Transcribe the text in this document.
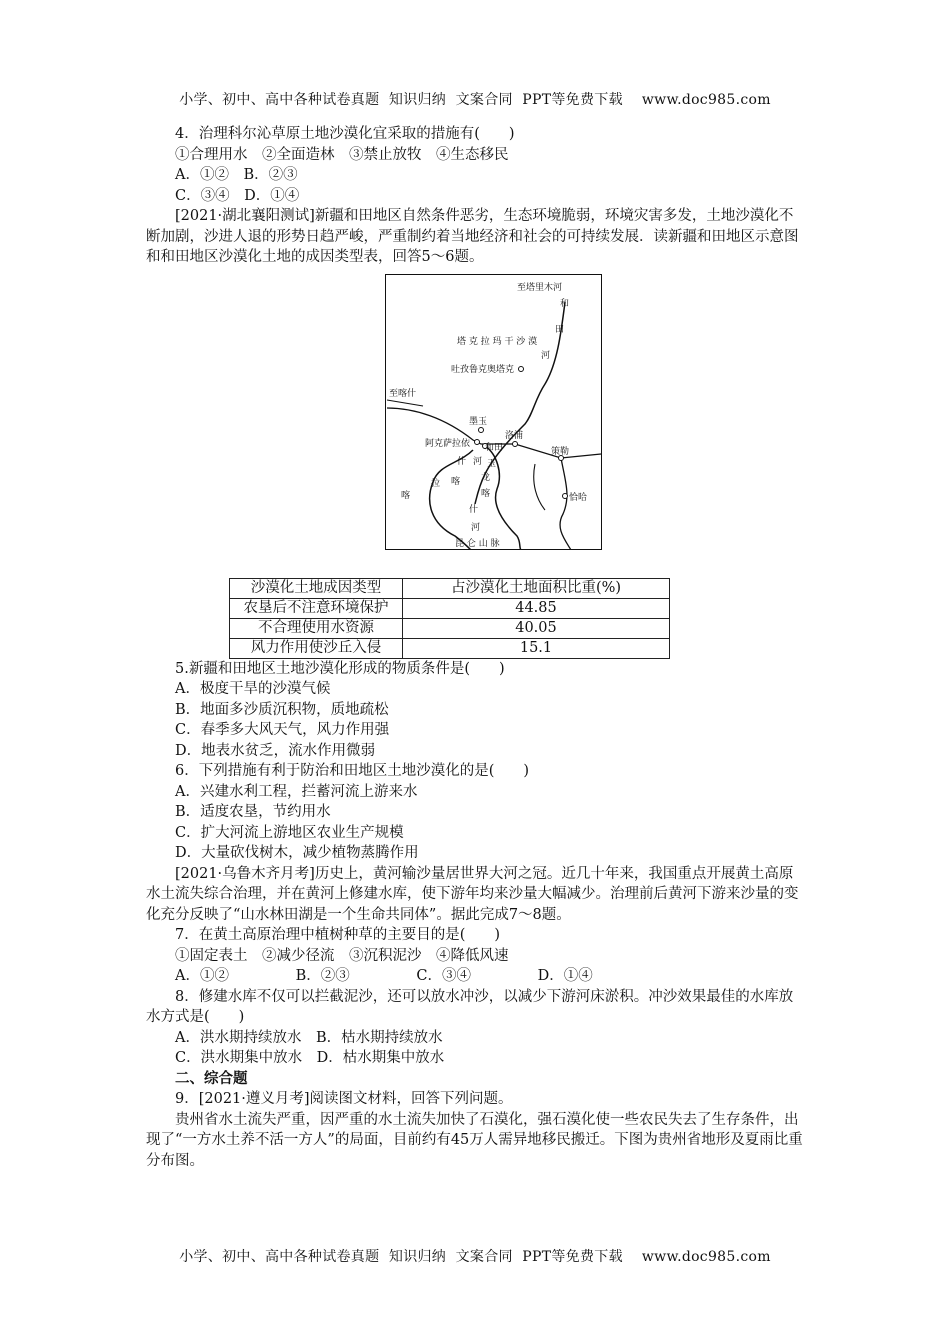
小学、初中、高中各种试卷真题  知识归纳  文案合同  PPT等免费下载    www.doc985.com

4．治理科尔沁草原土地沙漠化宜采取的措施有(　　)

①合理用水　②全面造林　③禁止放牧　④生态移民

A．①②　B．②③

C．③④　D．①④

[2021·湖北襄阳测试]新疆和田地区自然条件恶劣，生态环境脆弱，环境灾害多发，土地沙漠化不断加剧，沙进人退的形势日趋严峻，严重制约着当地经济和社会的可持续发展．读新疆和田地区示意图和和田地区沙漠化土地的成因类型表，回答5～6题。

至塔里木河
和
田
塔 克 拉 玛 干 沙 漠
河
吐孜鲁克奥塔克
至喀什
墨玉
阿克萨拉依 和田
洛浦
策勒
玉
什 河
喀
拉
龙
喀
喀
什
河
恰哈
昆 仑 山 脉
沙漠化土地成因类型	占沙漠化土地面积比重(%)
农垦后不注意环境保护	44.85
不合理使用水资源	40.05
风力作用使沙丘入侵	15.1

5.新疆和田地区土地沙漠化形成的物质条件是(　　)

A．极度干旱的沙漠气候

B．地面多沙质沉积物，质地疏松

C．春季多大风天气，风力作用强

D．地表水贫乏，流水作用微弱

6．下列措施有利于防治和田地区土地沙漠化的是(　　)

A．兴建水利工程，拦蓄河流上游来水

B．适度农垦，节约用水

C．扩大河流上游地区农业生产规模

D．大量砍伐树木，减少植物蒸腾作用

[2021·乌鲁木齐月考]历史上，黄河输沙量居世界大河之冠。近几十年来，我国重点开展黄土高原水土流失综合治理，并在黄河上修建水库，使下游年均来沙量大幅减少。治理前后黄河下游来沙量的变化充分反映了“山水林田湖是一个生命共同体”。据此完成7～8题。

7．在黄土高原治理中植树种草的主要目的是(　　)

①固定表土　②减少径流　③沉积泥沙　④降低风速

A．①②	B．②③	C．③④	D．①④

8．修建水库不仅可以拦截泥沙，还可以放水冲沙，以减少下游河床淤积。冲沙效果最佳的水库放水方式是(　　)

A．洪水期持续放水　B．枯水期持续放水

C．洪水期集中放水　D．枯水期集中放水

二、综合题

9．[2021·遵义月考]阅读图文材料，回答下列问题。

贵州省水土流失严重，因严重的水土流失加快了石漠化，强石漠化使一些农民失去了生存条件，出现了“一方水土养不活一方人”的局面，目前约有45万人需异地移民搬迁。下图为贵州省地形及夏雨比重分布图。

小学、初中、高中各种试卷真题  知识归纳  文案合同  PPT等免费下载    www.doc985.com
